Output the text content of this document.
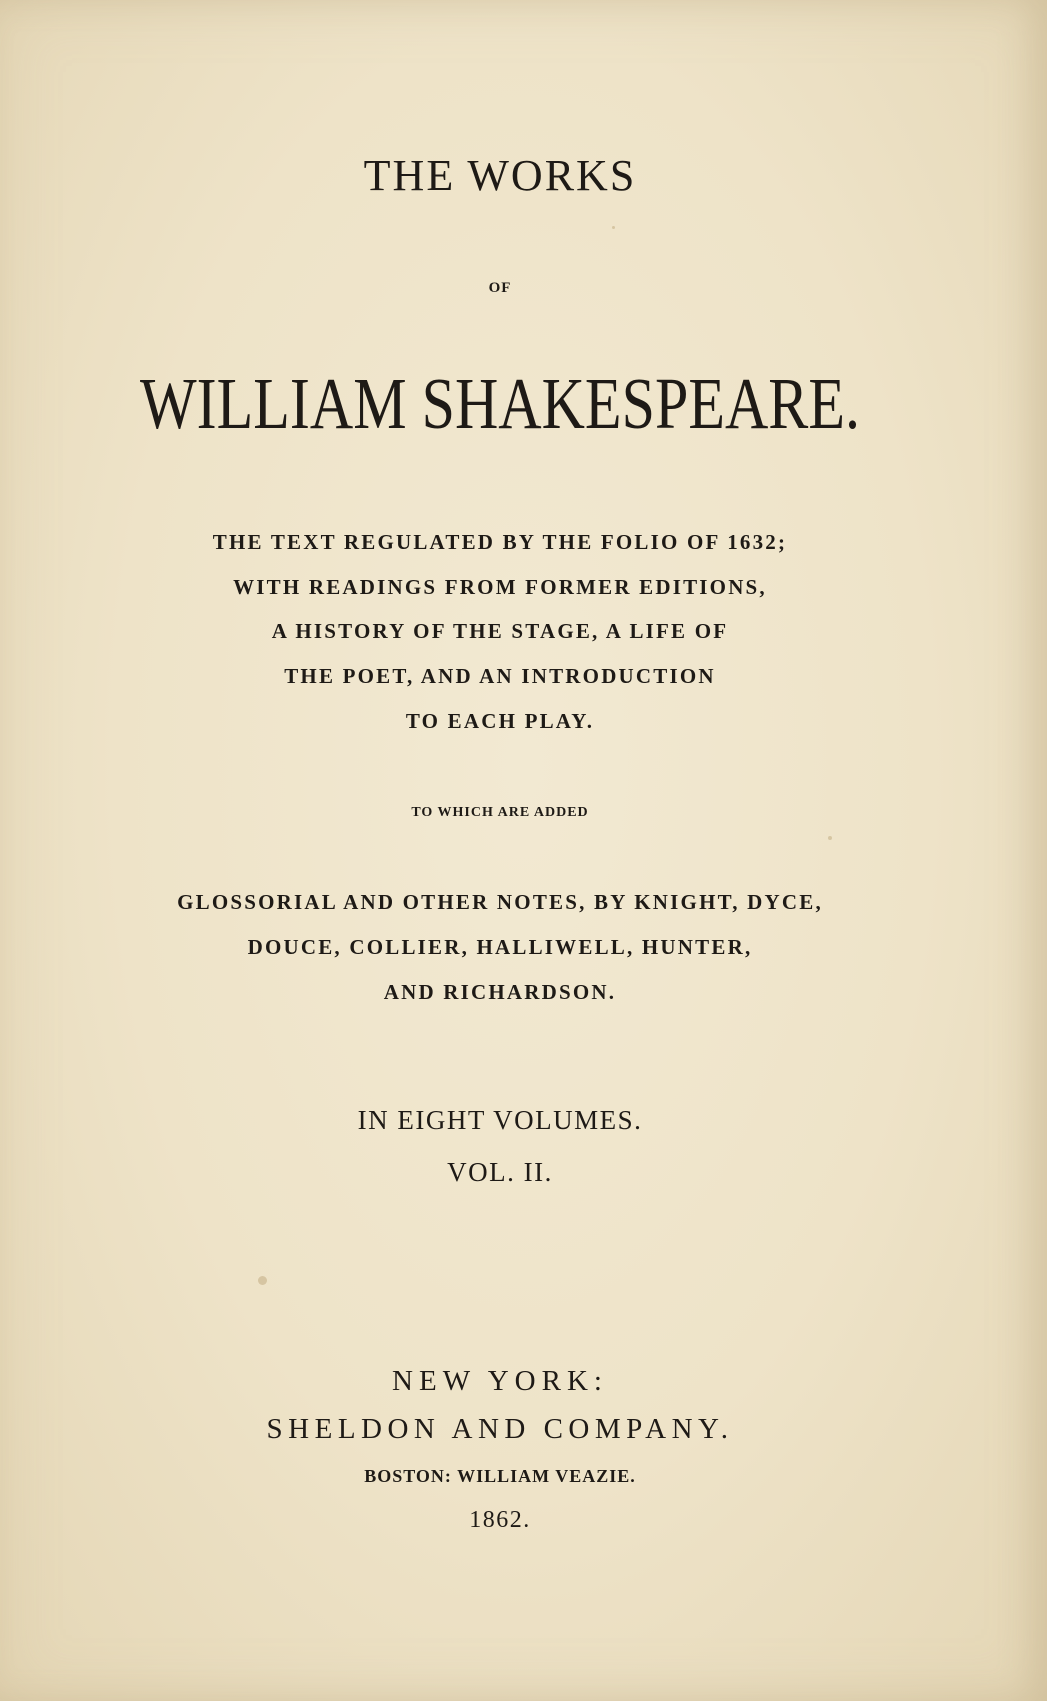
THE WORKS
OF
WILLIAM SHAKESPEARE.
THE TEXT REGULATED BY THE FOLIO OF 1632;
WITH READINGS FROM FORMER EDITIONS,
A HISTORY OF THE STAGE, A LIFE OF
THE POET, AND AN INTRODUCTION
TO EACH PLAY.
TO WHICH ARE ADDED
GLOSSORIAL AND OTHER NOTES, BY KNIGHT, DYCE,
DOUCE, COLLIER, HALLIWELL, HUNTER,
AND RICHARDSON.
IN EIGHT VOLUMES.
VOL. II.
NEW YORK:
SHELDON AND COMPANY.
BOSTON: WILLIAM VEAZIE.
1862.
